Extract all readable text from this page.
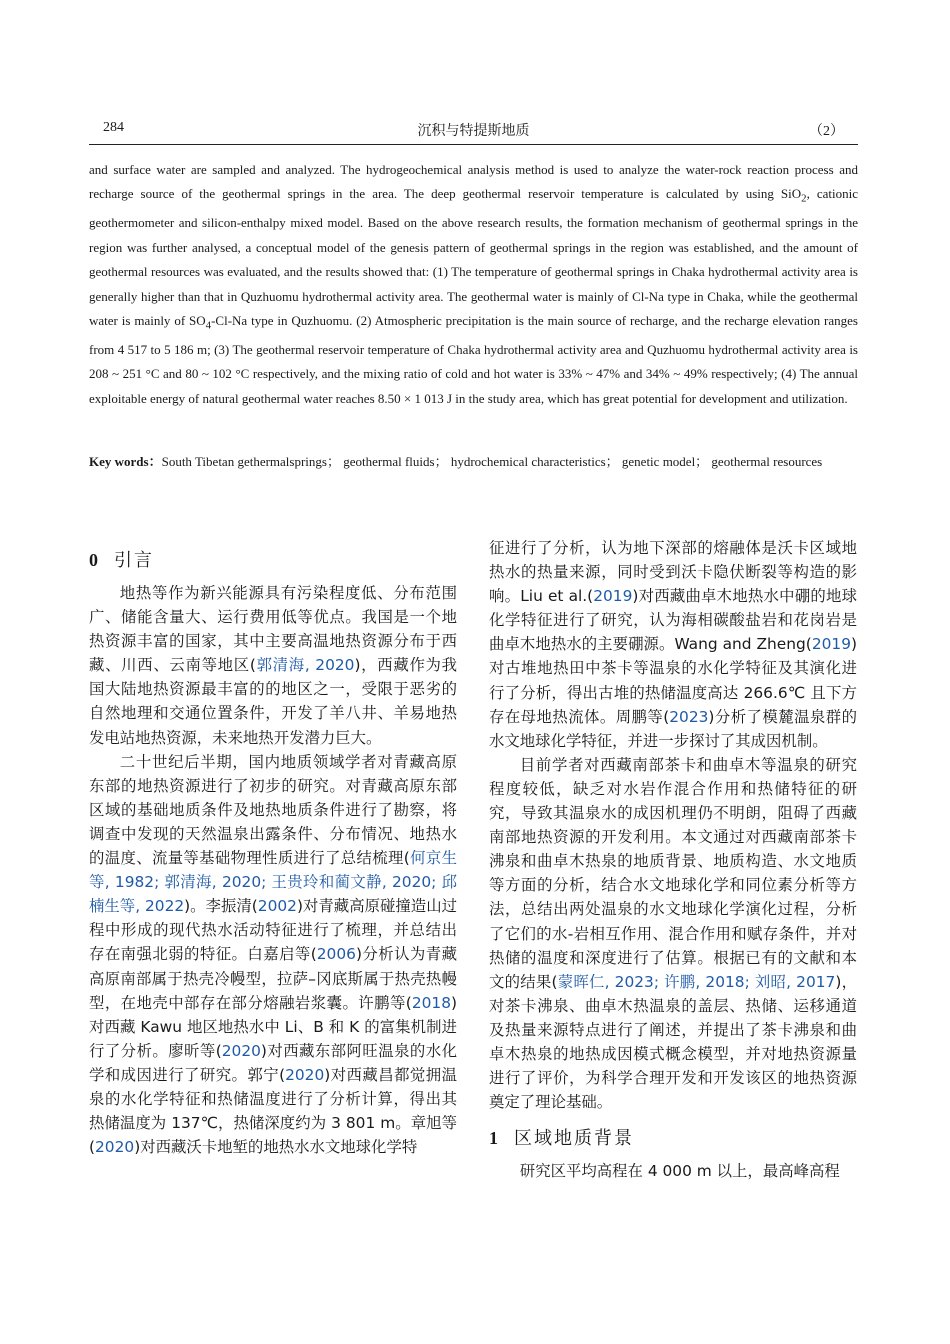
284	沉积与特提斯地质	（2）

and surface water are sampled and analyzed. The hydrogeochemical analysis method is used to analyze the water-rock reaction process and recharge source of the geothermal springs in the area. The deep geothermal reservoir temperature is calculated by using SiO$_2$, cationic geothermometer and silicon-enthalpy mixed model. Based on the above research results, the formation mechanism of geothermal springs in the region was further analysed, a conceptual model of the genesis pattern of geothermal springs in the region was established, and the amount of geothermal resources was evaluated, and the results showed that: (1) The temperature of geothermal springs in Chaka hydrothermal activity area is generally higher than that in Quzhuomu hydrothermal activity area. The geothermal water is mainly of Cl-Na type in Chaka, while the geothermal water is mainly of $SO_4-Cl-Na$ type in Quzhuomu. (2) Atmospheric precipitation is the main source of recharge, and the recharge elevation ranges from 4 517 to 5 186 m; (3) The geothermal reservoir temperature of Chaka hydrothermal activity area and Quzhuomu hydrothermal activity area is 208 ~ 251 °C and 80 ~ 102 °C respectively, and the mixing ratio of cold and hot water is 33% ~ 47% and 34% ~ 49% respectively; (4) The annual exploitable energy of natural geothermal water reaches 8.50 × 1 013 J in the study area, which has great potential for development and utilization.

Key words：South Tibetan gethermalsprings； geothermal fluids； hydrochemical characteristics； genetic model； geothermal resources
0 引言

地热等作为新兴能源具有污染程度低、分布范围广、储能含量大、运行费用低等优点。我国是一个地热资源丰富的国家，其中主要高温地热资源分布于西藏、川西、云南等地区(郭清海, 2020)，西藏作为我国大陆地热资源最丰富的的地区之一，受限于恶劣的自然地理和交通位置条件，开发了羊八井、羊易地热发电站地热资源，未来地热开发潜力巨大。

二十世纪后半期，国内地质领域学者对青藏高原东部的地热资源进行了初步的研究。对青藏高原东部区域的基础地质条件及地热地质条件进行了勘察，将调查中发现的天然温泉出露条件、分布情况、地热水的温度、流量等基础物理性质进行了总结梳理(何京生等, 1982; 郭清海, 2020; 王贵玲和蔺文静, 2020; 邱楠生等, 2022)。李振清(2002)对青藏高原碰撞造山过程中形成的现代热水活动特征进行了梳理，并总结出存在南强北弱的特征。白嘉启等(2006)分析认为青藏高原南部属于热壳冷幔型，拉萨–冈底斯属于热壳热幔型，在地壳中部存在部分熔融岩浆囊。许鹏等(2018)对西藏 Kawu 地区地热水中 Li、B 和 K 的富集机制进行了分析。廖昕等(2020)对西藏东部阿旺温泉的水化学和成因进行了研究。郭宁(2020)对西藏昌都觉拥温泉的水化学特征和热储温度进行了分析计算，得出其热储温度为 137℃，热储深度约为 3 801 m。章旭等(2020)对西藏沃卡地堑的地热水水文地球化学特

征进行了分析，认为地下深部的熔融体是沃卡区域地热水的热量来源，同时受到沃卡隐伏断裂等构造的影响。Liu et al.(2019)对西藏曲卓木地热水中硼的地球化学特征进行了研究，认为海相碳酸盐岩和花岗岩是曲卓木地热水的主要硼源。Wang and Zheng(2019)对古堆地热田中茶卡等温泉的水化学特征及其演化进行了分析，得出古堆的热储温度高达 266.6℃ 且下方存在母地热流体。周鹏等(2023)分析了模麓温泉群的水文地球化学特征，并进一步探讨了其成因机制。

目前学者对西藏南部茶卡和曲卓木等温泉的研究程度较低，缺乏对水岩作混合作用和热储特征的研究，导致其温泉水的成因机理仍不明朗，阻碍了西藏南部地热资源的开发利用。本文通过对西藏南部茶卡沸泉和曲卓木热泉的地质背景、地质构造、水文地质等方面的分析，结合水文地球化学和同位素分析等方法，总结出两处温泉的水文地球化学演化过程，分析了它们的水-岩相互作用、混合作用和赋存条件，并对热储的温度和深度进行了估算。根据已有的文献和本文的结果(蒙晖仁, 2023; 许鹏, 2018; 刘昭, 2017)，对茶卡沸泉、曲卓木热温泉的盖层、热储、运移通道及热量来源特点进行了阐述，并提出了茶卡沸泉和曲卓木热泉的地热成因模式概念模型，并对地热资源量进行了评价，为科学合理开发和开发该区的地热资源奠定了理论基础。

1 区域地质背景

研究区平均高程在 4 000 m 以上，最高峰高程
